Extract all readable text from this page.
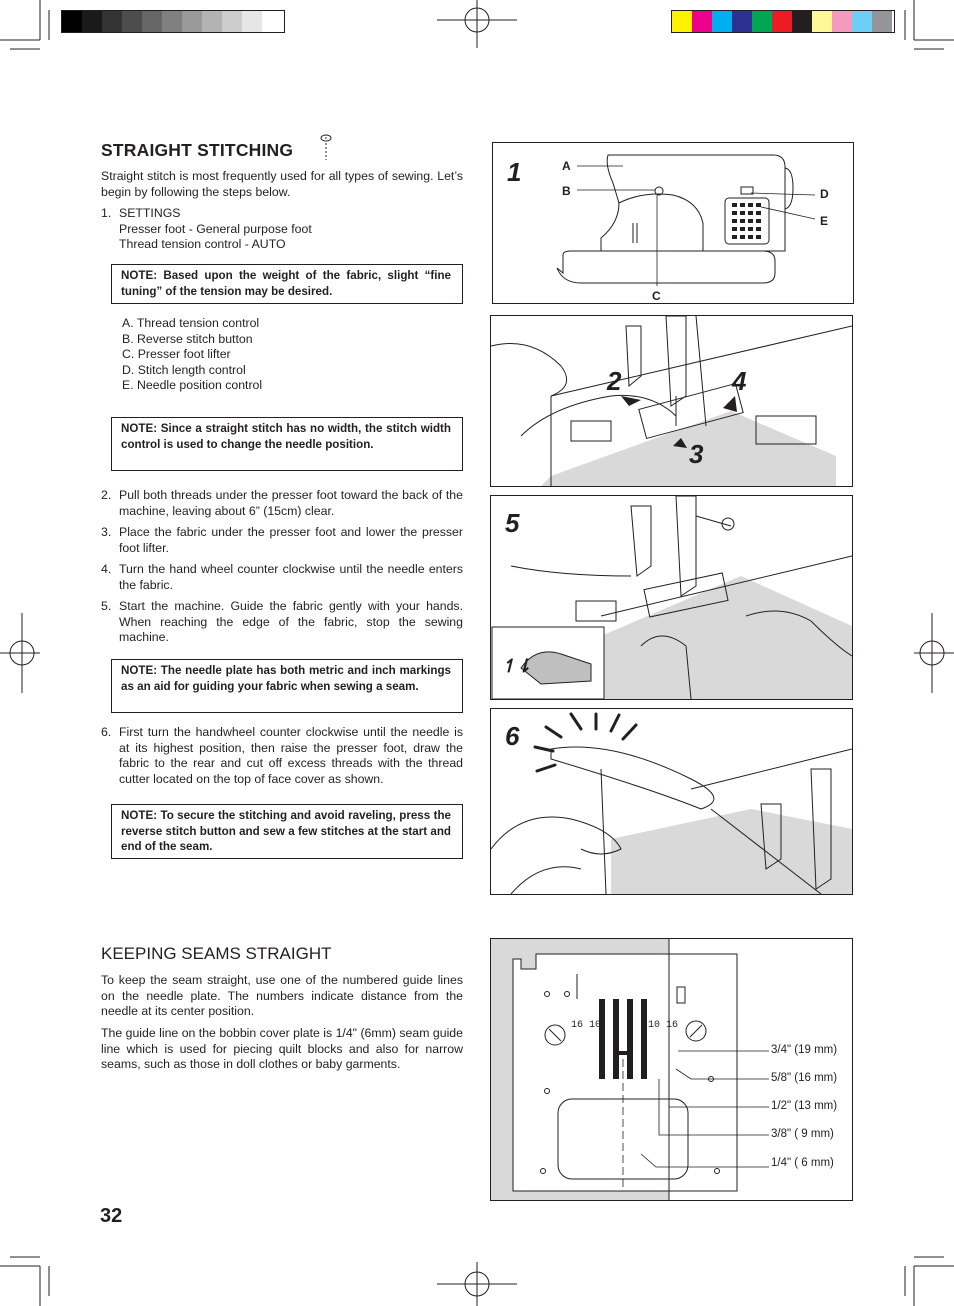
STRAIGHT STITCHING
Straight stitch is most frequently used for all types of sewing. Let’s begin by following the steps below.
1. SETTINGS
Presser foot - General purpose foot
Thread tension control - AUTO
NOTE: Based upon the weight of the fabric, slight “fine tuning” of the tension may be desired.
A. Thread tension control
B. Reverse stitch button
C. Presser foot lifter
D. Stitch length control
E. Needle position control
NOTE: Since a straight stitch has no width, the stitch width control is used to change the needle position.
2. Pull both threads under the presser foot toward the back of the machine, leaving about 6” (15cm) clear.
3. Place the fabric under the presser foot and lower the presser foot lifter.
4. Turn the hand wheel counter clockwise until the needle enters the fabric.
5. Start the machine. Guide the fabric gently with your hands. When reaching the edge of the fabric, stop the sewing machine.
NOTE: The needle plate has both metric and inch markings as an aid for guiding your fabric when sewing a seam.
6. First turn the handwheel counter clockwise until the needle is at its highest position, then raise the presser foot, draw the fabric to the rear and cut off excess threads with the thread cutter located on the top of face cover as shown.
NOTE: To secure the stitching and avoid raveling, press the reverse stitch button and sew a few stitches at the start and end of the seam.
KEEPING SEAMS STRAIGHT
To keep the seam straight, use one of the numbered guide lines on the needle plate. The numbers indicate distance from the needle at its center position.
The guide line on the bobbin cover plate is 1/4" (6mm) seam guide line which is used for piecing quilt blocks and also for narrow seams, such as those in doll clothes or baby garments.
32
1	A
B
C
D
E
2
3
4
5
↿⇂
6
16 10	10 16
3/4" (19 mm)
5/8" (16 mm)
1/2" (13 mm)
3/8" ( 9 mm)
1/4" ( 6 mm)
